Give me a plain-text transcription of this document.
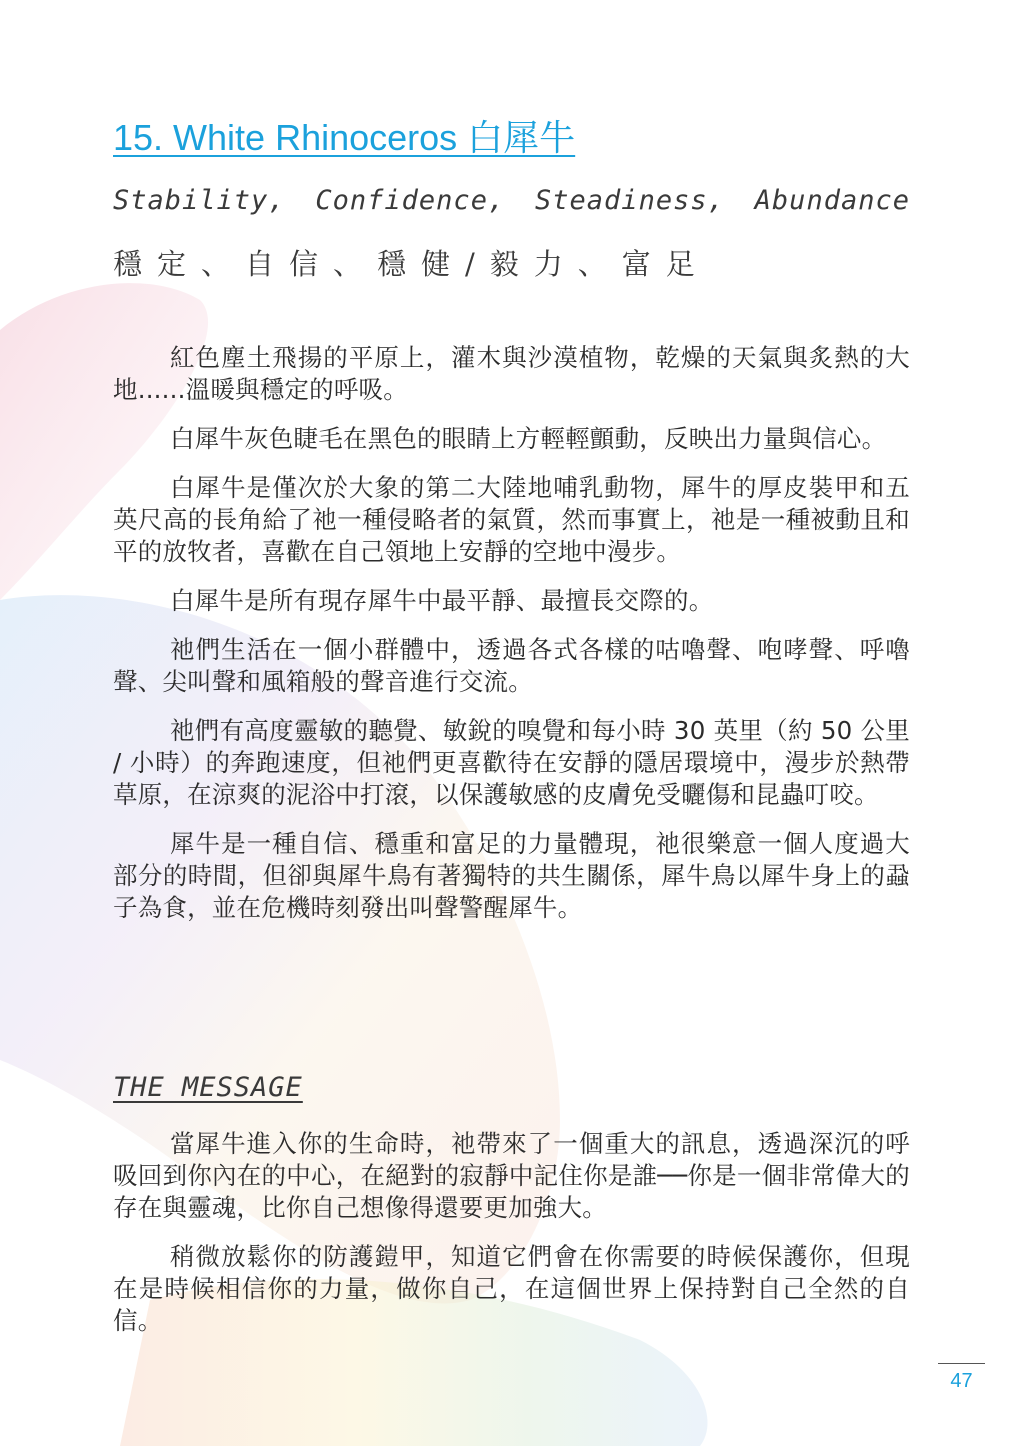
15. White Rhinoceros 白犀牛
Stability, Confidence, Steadiness, Abundance
穩定、自信、穩健/毅力、富足

紅色塵土飛揚的平原上，灌木與沙漠植物，乾燥的天氣與炙熱的大地......溫暖與穩定的呼吸。

白犀牛灰色睫毛在黑色的眼睛上方輕輕顫動，反映出力量與信心。

白犀牛是僅次於大象的第二大陸地哺乳動物，犀牛的厚皮裝甲和五英尺高的長角給了祂一種侵略者的氣質，然而事實上，祂是一種被動且和平的放牧者，喜歡在自己領地上安靜的空地中漫步。

白犀牛是所有現存犀牛中最平靜、最擅長交際的。

祂們生活在一個小群體中，透過各式各樣的咕嚕聲、咆哮聲、呼嚕聲、尖叫聲和風箱般的聲音進行交流。

祂們有高度靈敏的聽覺、敏銳的嗅覺和每小時 30 英里（約 50 公里 / 小時）的奔跑速度，但祂們更喜歡待在安靜的隱居環境中，漫步於熱帶草原，在涼爽的泥浴中打滾，以保護敏感的皮膚免受曬傷和昆蟲叮咬。

犀牛是一種自信、穩重和富足的力量體現，祂很樂意一個人度過大部分的時間，但卻與犀牛鳥有著獨特的共生關係，犀牛鳥以犀牛身上的蝨子為食，並在危機時刻發出叫聲警醒犀牛。

THE MESSAGE

當犀牛進入你的生命時，祂帶來了一個重大的訊息，透過深沉的呼吸回到你內在的中心，在絕對的寂靜中記住你是誰──你是一個非常偉大的存在與靈魂，比你自己想像得還要更加強大。

稍微放鬆你的防護鎧甲，知道它們會在你需要的時候保護你，但現在是時候相信你的力量，做你自己，在這個世界上保持對自己全然的自信。

47
